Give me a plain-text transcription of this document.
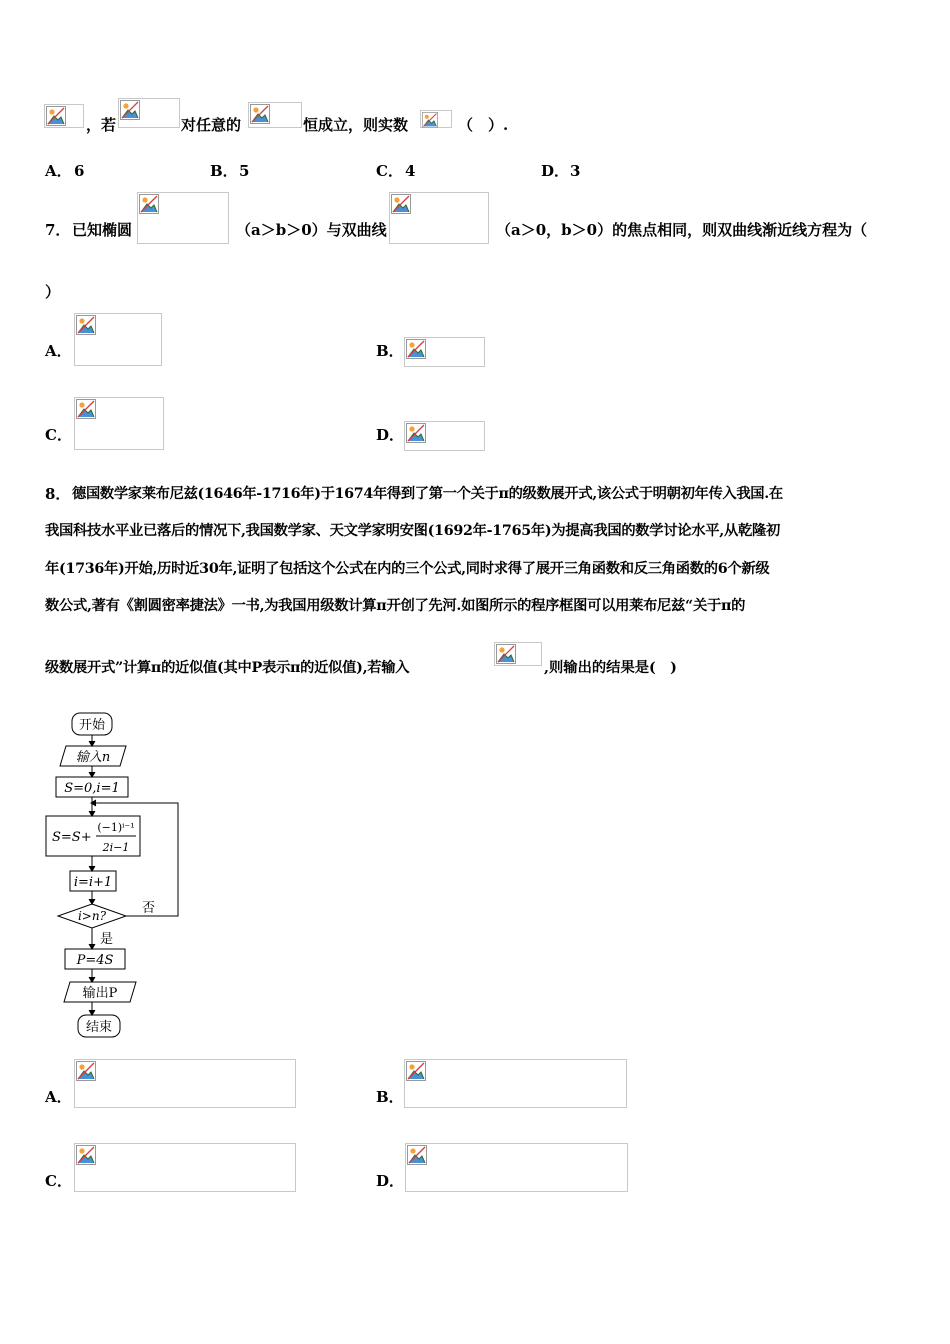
，若	对任意的	恒成立，则实数	（　）.
A． 6	B． 5	C． 4	D． 3
7． 已知椭圆	（a＞b＞0）与双曲线	（a＞0，b＞0）的焦点相同，则双曲线渐近线方程为（
）
A．	B．
C．	D．
8． 德国数学家莱布尼兹(1646年-1716年)于1674年得到了第一个关于π的级数展开式,该公式于明朝初年传入我国.在
我国科技水平业已落后的情况下,我国数学家、天文学家明安图(1692年-1765年)为提高我国的数学讨论水平,从乾隆初
年(1736年)开始,历时近30年,证明了包括这个公式在内的三个公式,同时求得了展开三角函数和反三角函数的6个新级
数公式,著有《割圆密率捷法》一书,为我国用级数计算π开创了先河.如图所示的程序框图可以用莱布尼兹“关于π的
级数展开式”计算π的近似值(其中P表示π的近似值),若输入	,则输出的结果是(　)
开始
输入n
S=0,i=1
S=S+
(−1)ⁱ⁻¹
2i−1
i=i+1
i>n?	否
是
P=4S
输出P
结束
A．	B．
C．	D．
